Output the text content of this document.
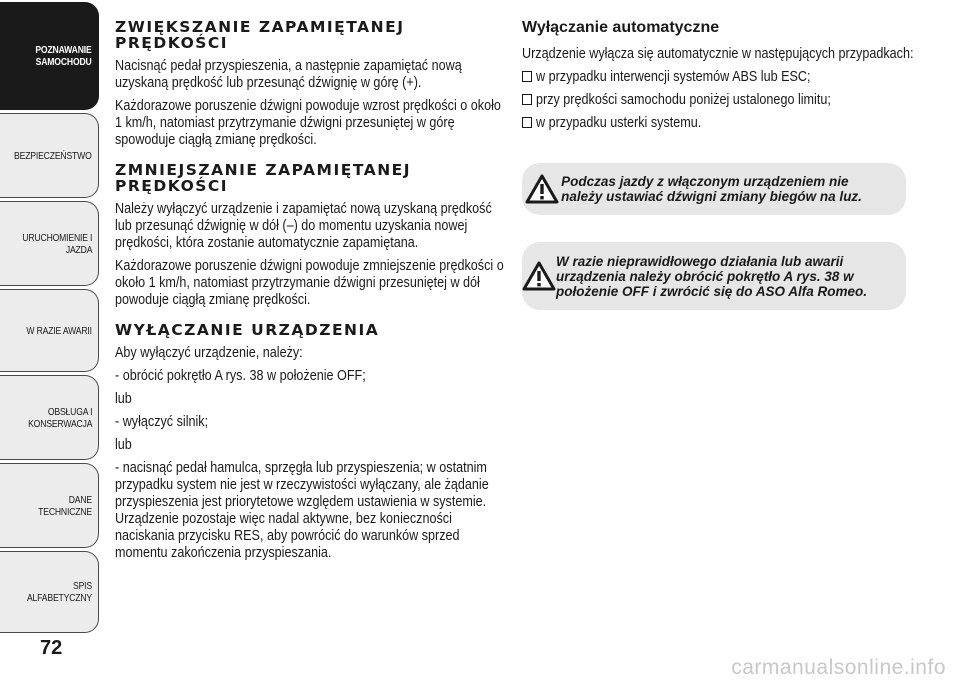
POZNAWANIE
SAMOCHODU
BEZPIECZEŃSTWO
URUCHOMIENIE I
JAZDA
W RAZIE AWARII
OBSŁUGA I
KONSERWACJA
DANE TECHNICZNE
SPIS ALFABETYCZNY
72
ZWIĘKSZANIE ZAPAMIĘTANEJ PRĘDKOŚCI

Nacisnąć pedał przyspieszenia, a następnie zapamiętać nową uzyskaną prędkość lub przesunąć dźwignię w górę (+).

Każdorazowe poruszenie dźwigni powoduje wzrost prędkości o około 1 km/h, natomiast przytrzymanie dźwigni przesuniętej w górę spowoduje ciągłą zmianę prędkości.

ZMNIEJSZANIE ZAPAMIĘTANEJ PRĘDKOŚCI

Należy wyłączyć urządzenie i zapamiętać nową uzyskaną prędkość lub przesunąć dźwignię w dół (–) do momentu uzyskania nowej prędkości, która zostanie automatycznie zapamiętana.

Każdorazowe poruszenie dźwigni powoduje zmniejszenie prędkości o około 1 km/h, natomiast przytrzymanie dźwigni przesuniętej w dół powoduje ciągłą zmianę prędkości.

WYŁĄCZANIE URZĄDZENIA

Aby wyłączyć urządzenie, należy:

- obrócić pokrętło A rys. 38 w położenie OFF;

lub

- wyłączyć silnik;

lub

- nacisnąć pedał hamulca, sprzęgła lub przyspieszenia; w ostatnim przypadku system nie jest w rzeczywistości wyłączany, ale żądanie przyspieszenia jest priorytetowe względem ustawienia w systemie. Urządzenie pozostaje więc nadal aktywne, bez konieczności naciskania przycisku RES, aby powrócić do warunków sprzed momentu zakończenia przyspieszania.

Wyłączanie automatyczne

Urządzenie wyłącza się automatycznie w następujących przypadkach:

w przypadku interwencji systemów ABS lub ESC;

przy prędkości samochodu poniżej ustalonego limitu;

w przypadku usterki systemu.

Podczas jazdy z włączonym urządzeniem nie należy ustawiać dźwigni zmiany biegów na luz.
W razie nieprawidłowego działania lub awarii urządzenia należy obrócić pokrętło A rys. 38 w położenie OFF i zwrócić się do ASO Alfa Romeo.
carmanualsonline.info
